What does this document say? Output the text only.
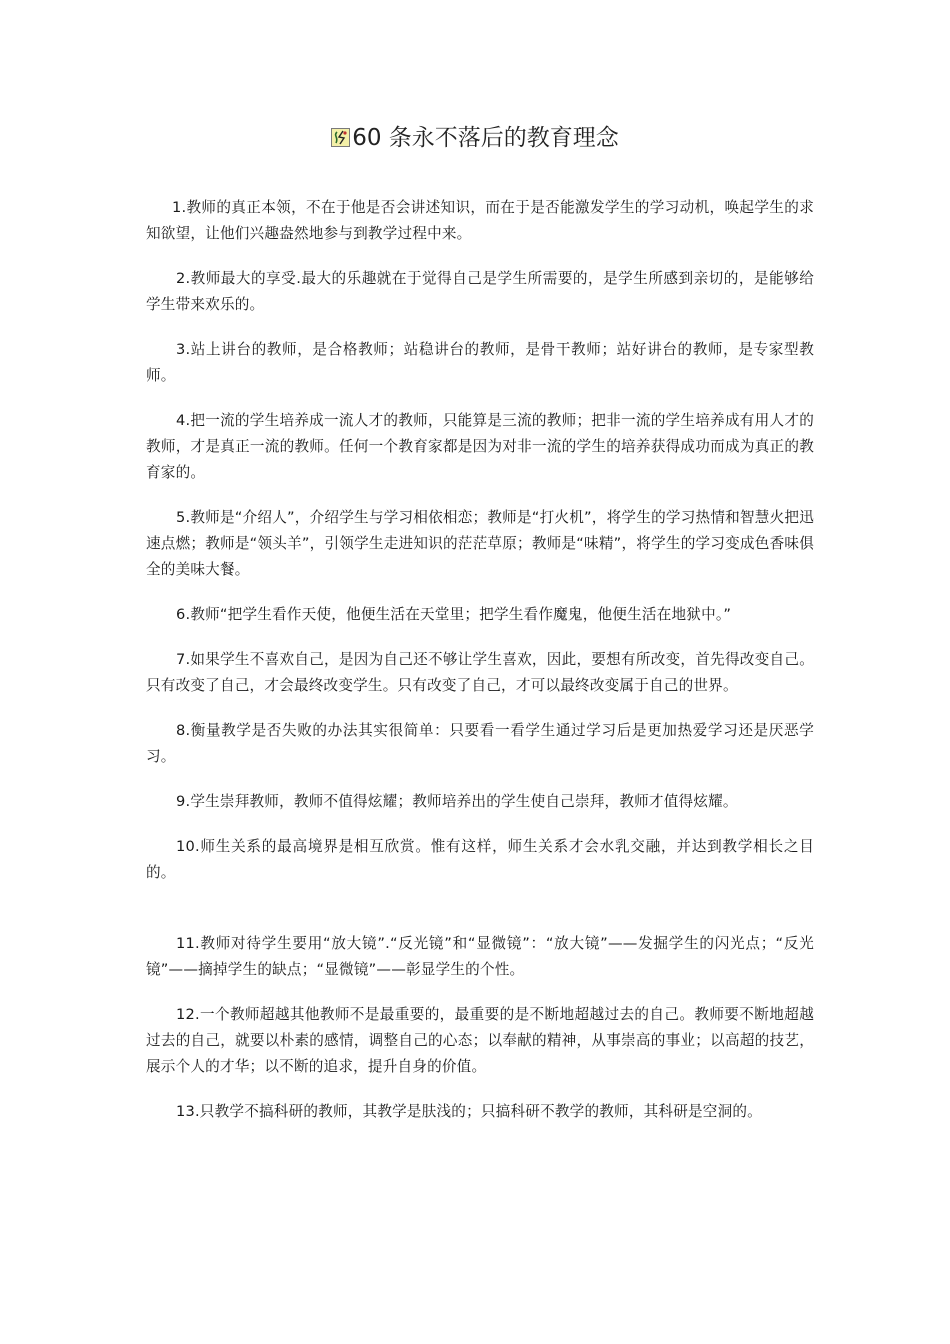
60 条永不落后的教育理念

1.教师的真正本领，不在于他是否会讲述知识，而在于是否能激发学生的学习动机，唤起学生的求知欲望，让他们兴趣盎然地参与到教学过程中来。

2.教师最大的享受.最大的乐趣就在于觉得自己是学生所需要的，是学生所感到亲切的，是能够给学生带来欢乐的。

3.站上讲台的教师，是合格教师；站稳讲台的教师，是骨干教师；站好讲台的教师，是专家型教师。

4.把一流的学生培养成一流人才的教师，只能算是三流的教师；把非一流的学生培养成有用人才的教师，才是真正一流的教师。任何一个教育家都是因为对非一流的学生的培养获得成功而成为真正的教育家的。

5.教师是“介绍人”，介绍学生与学习相依相恋；教师是“打火机”，将学生的学习热情和智慧火把迅速点燃；教师是“领头羊”，引领学生走进知识的茫茫草原；教师是“味精”，将学生的学习变成色香味俱全的美味大餐。

6.教师“把学生看作天使，他便生活在天堂里；把学生看作魔鬼，他便生活在地狱中。”

7.如果学生不喜欢自己，是因为自己还不够让学生喜欢，因此，要想有所改变，首先得改变自己。只有改变了自己，才会最终改变学生。只有改变了自己，才可以最终改变属于自己的世界。

8.衡量教学是否失败的办法其实很简单：只要看一看学生通过学习后是更加热爱学习还是厌恶学习。

9.学生崇拜教师，教师不值得炫耀；教师培养出的学生使自己崇拜，教师才值得炫耀。

10.师生关系的最高境界是相互欣赏。惟有这样，师生关系才会水乳交融，并达到教学相长之目的。

11.教师对待学生要用“放大镜”.“反光镜”和“显微镜”：“放大镜”——发掘学生的闪光点；“反光镜”——摘掉学生的缺点；“显微镜”——彰显学生的个性。

12.一个教师超越其他教师不是最重要的，最重要的是不断地超越过去的自己。教师要不断地超越过去的自己，就要以朴素的感情，调整自己的心态；以奉献的精神，从事崇高的事业；以高超的技艺，展示个人的才华；以不断的追求，提升自身的价值。

13.只教学不搞科研的教师，其教学是肤浅的；只搞科研不教学的教师，其科研是空洞的。
